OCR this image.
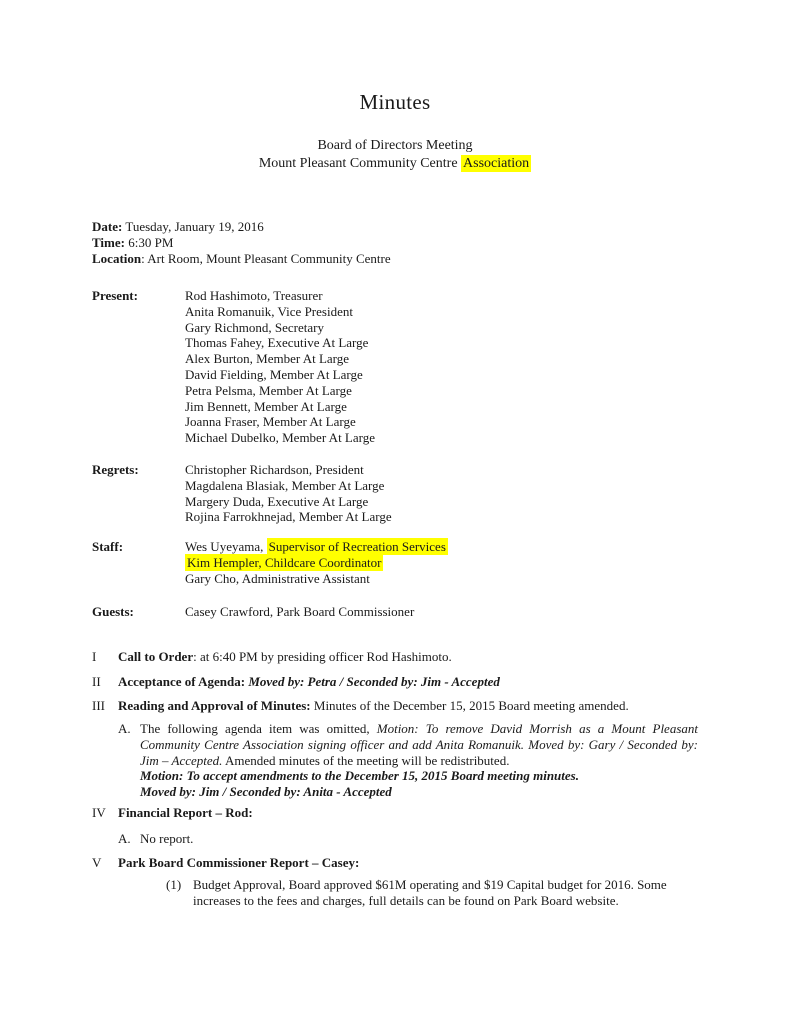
Minutes
Board of Directors Meeting
Mount Pleasant Community Centre Association
Date: Tuesday, January 19, 2016
Time: 6:30 PM
Location: Art Room, Mount Pleasant Community Centre
Present:	Rod Hashimoto, Treasurer
Anita Romanuik, Vice President
Gary Richmond, Secretary
Thomas Fahey, Executive At Large
Alex Burton, Member At Large
David Fielding, Member At Large
Petra Pelsma, Member At Large
Jim Bennett, Member At Large
Joanna Fraser, Member At Large
Michael Dubelko, Member At Large
Regrets:	Christopher Richardson, President
Magdalena Blasiak, Member At Large
Margery Duda, Executive At Large
Rojina Farrokhnejad, Member At Large
Staff:	Wes Uyeyama, Supervisor of Recreation Services
Kim Hempler, Childcare Coordinator
Gary Cho, Administrative Assistant
Guests:	Casey Crawford, Park Board Commissioner
I	Call to Order: at 6:40 PM by presiding officer Rod Hashimoto.
II	Acceptance of Agenda: Moved by: Petra / Seconded by: Jim - Accepted
III	Reading and Approval of Minutes: Minutes of the December 15, 2015 Board meeting amended.
A. The following agenda item was omitted, Motion: To remove David Morrish as a Mount Pleasant Community Centre Association signing officer and add Anita Romanuik. Moved by: Gary / Seconded by: Jim – Accepted. Amended minutes of the meeting will be redistributed.

Motion: To accept amendments to the December 15, 2015 Board meeting minutes.

Moved by: Jim / Seconded by: Anita - Accepted

IV Financial Report – Rod:
A. No report.
V	Park Board Commissioner Report – Casey:
(1) Budget Approval, Board approved $61M operating and $19 Capital budget for 2016. Some increases to the fees and charges, full details can be found on Park Board website.
